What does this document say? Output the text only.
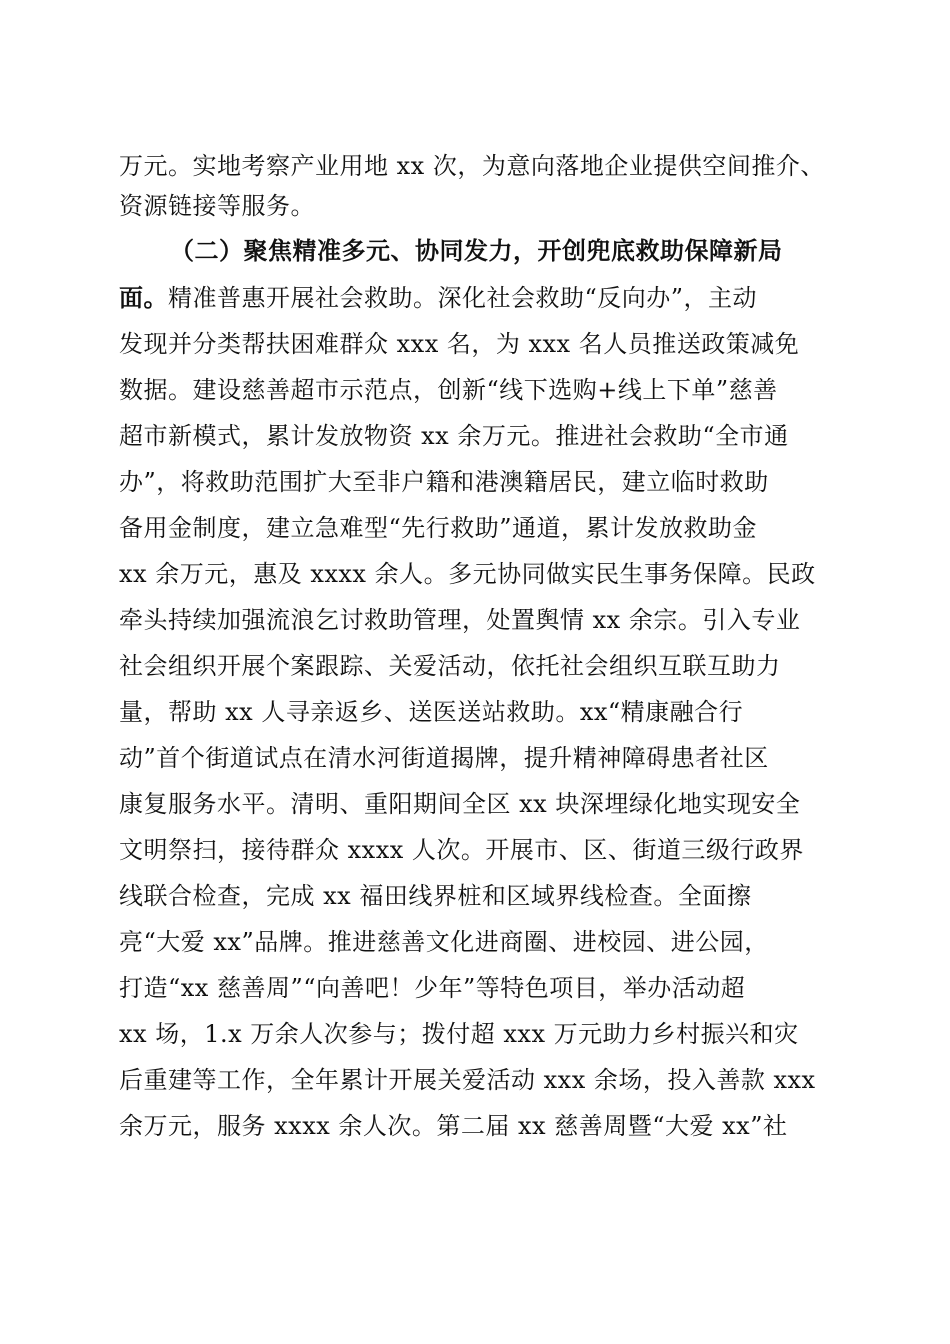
万元。实地考察产业用地 xx 次，为意向落地企业提供空间推介、
资源链接等服务。
（二）聚焦精准多元、协同发力，开创兜底救助保障新局
面。精准普惠开展社会救助。深化社会救助“反向办”，主动
发现并分类帮扶困难群众 xxx 名，为 xxx 名人员推送政策减免
数据。建设慈善超市示范点，创新“线下选购+线上下单”慈善
超市新模式，累计发放物资 xx 余万元。推进社会救助“全市通
办”，将救助范围扩大至非户籍和港澳籍居民，建立临时救助
备用金制度，建立急难型“先行救助”通道，累计发放救助金
xx 余万元，惠及 xxxx 余人。多元协同做实民生事务保障。民政
牵头持续加强流浪乞讨救助管理，处置舆情 xx 余宗。引入专业
社会组织开展个案跟踪、关爱活动，依托社会组织互联互助力
量，帮助 xx 人寻亲返乡、送医送站救助。xx“精康融合行
动”首个街道试点在清水河街道揭牌，提升精神障碍患者社区
康复服务水平。清明、重阳期间全区 xx 块深埋绿化地实现安全
文明祭扫，接待群众 xxxx 人次。开展市、区、街道三级行政界
线联合检查，完成 xx 福田线界桩和区域界线检查。全面擦
亮“大爱 xx”品牌。推进慈善文化进商圈、进校园、进公园，
打造“xx 慈善周”“向善吧！少年”等特色项目，举办活动超
xx 场，1.x 万余人次参与；拨付超 xxx 万元助力乡村振兴和灾
后重建等工作，全年累计开展关爱活动 xxx 余场，投入善款 xxx
余万元，服务 xxxx 余人次。第二届 xx 慈善周暨“大爱 xx”社
